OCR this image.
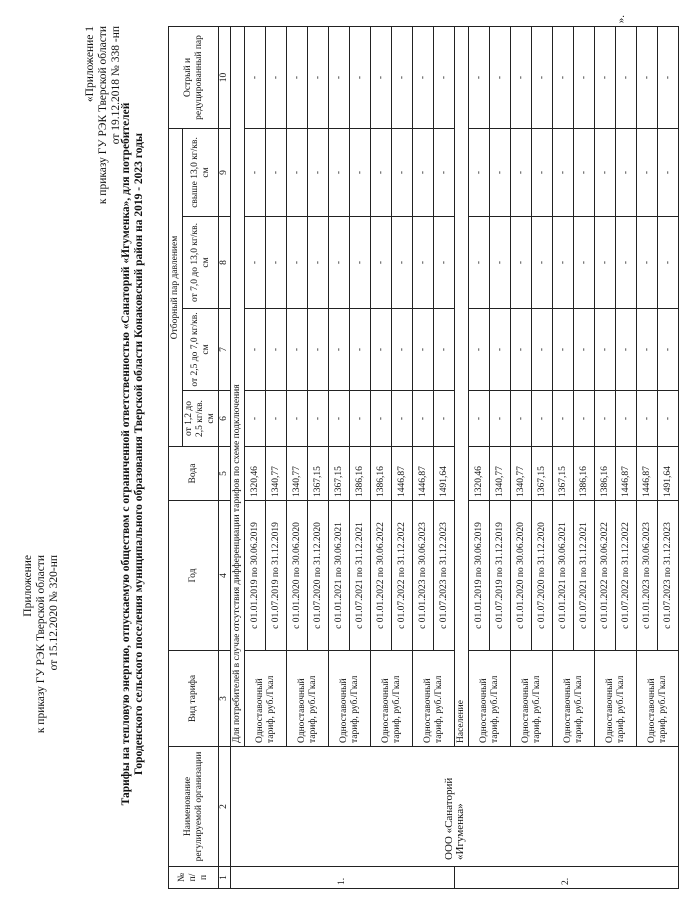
Приложение к приказу ГУ РЭК Тверской области от 15.12.2020 № 320-нп
«Приложение 1 к приказу ГУ РЭК Тверской области от 19.12.2018 № 338 -нп
Тарифы на тепловую энергию, отпускаемую обществом с ограниченной ответственностью «Санаторий «Игуменка», для потребителей Городенского сельского поселения муниципального образования Тверской области Конаковский район на 2019 - 2023 годы
№ п/ п	Наименование регулируемой организации	Вид тарифа	Год	Вода	Отборный пар давлением				Острый и редуцированный пар
					от 1,2 до 2,5 кг/кв. см	от 2,5 до 7,0 кг/кв. см	от 7,0 до 13,0 кг/кв. см	свыше 13,0 кг/кв. см	
1	2	3	4	5	6	7	8	9	10
1.	ООО «Санаторий «Игуменка»	Для потребителей в случае отсутствия дифференциации тарифов по схеме подключения							
		Одноставочный тариф, руб./Гкал	с 01.01.2019 по 30.06.2019	1320,46	-	-	-	-	-
			с 01.07.2019 по 31.12.2019	1340,77	-	-	-	-	-
		Одноставочный тариф, руб./Гкал	с 01.01.2020 по 30.06.2020	1340,77	-	-	-	-	-
			с 01.07.2020 по 31.12.2020	1367,15	-	-	-	-	-
		Одноставочный тариф, руб./Гкал	с 01.01.2021 по 30.06.2021	1367,15	-	-	-	-	-
			с 01.07.2021 по 31.12.2021	1386,16	-	-	-	-	-
		Одноставочный тариф, руб./Гкал	с 01.01.2022 по 30.06.2022	1386,16	-	-	-	-	-
			с 01.07.2022 по 31.12.2022	1446,87	-	-	-	-	-
		Одноставочный тариф, руб./Гкал	с 01.01.2023 по 30.06.2023	1446,87	-	-	-	-	-
			с 01.07.2023 по 31.12.2023	1491,64	-	-	-	-	-
2.		Население							
		Одноставочный тариф, руб./Гкал	с 01.01.2019 по 30.06.2019	1320,46	-	-	-	-	-
			с 01.07.2019 по 31.12.2019	1340,77	-	-	-	-	-
		Одноставочный тариф, руб./Гкал	с 01.01.2020 по 30.06.2020	1340,77	-	-	-	-	-
			с 01.07.2020 по 31.12.2020	1367,15	-	-	-	-	-
		Одноставочный тариф, руб./Гкал	с 01.01.2021 по 30.06.2021	1367,15	-	-	-	-	-
			с 01.07.2021 по 31.12.2021	1386,16	-	-	-	-	-
		Одноставочный тариф, руб./Гкал	с 01.01.2022 по 30.06.2022	1386,16	-	-	-	-	-
			с 01.07.2022 по 31.12.2022	1446,87	-	-	-	-	-
		Одноставочный тариф, руб./Гкал	с 01.01.2023 по 30.06.2023	1446,87	-	-	-	-	-
			с 01.07.2023 по 31.12.2023	1491,64	-	-	-	-	-
».
